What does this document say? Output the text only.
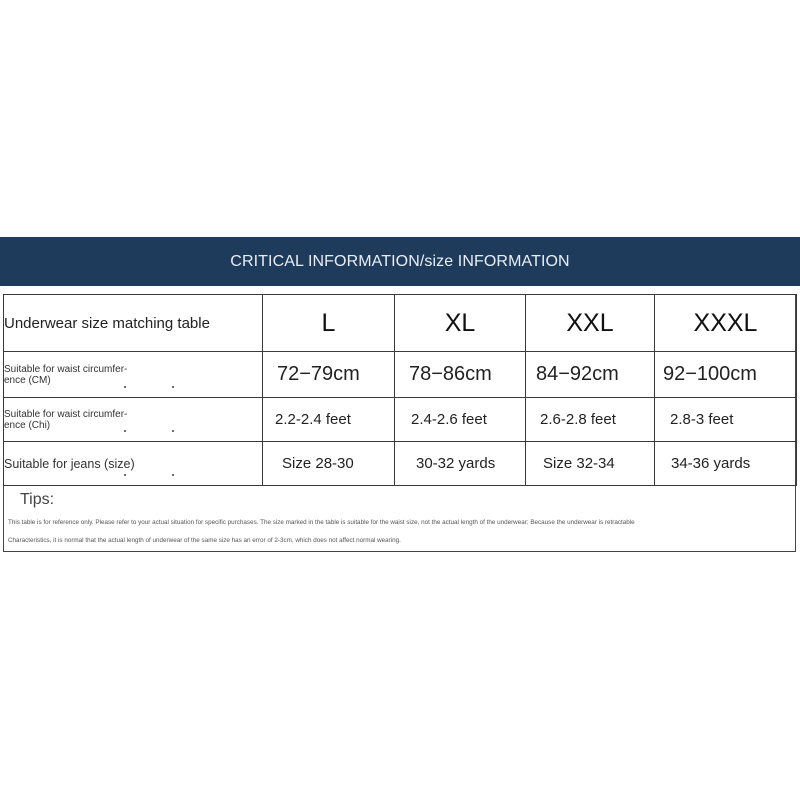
CRITICAL INFORMATION/size INFORMATION
Underwear size matching table	L	XL	XXL	XXXL

Suitable for waist circumfer-
ence (CM)	72−79cm	78−86cm	84−92cm	92−100cm

Suitable for waist circumfer-
ence (Chi)	2.2-2.4 feet	2.4-2.6 feet	2.6-2.8 feet	2.8-3 feet
Suitable for jeans (size)	Size 28-30	30-32 yards	Size 32-34	34-36 yards
Tips:
This table is for reference only. Please refer to your actual situation for specific purchases. The size marked in the table is suitable for the waist size, not the actual length of the underwear; Because the underwear is retractable
Characteristics, it is normal that the actual length of underwear of the same size has an error of 2-3cm, which does not affect normal wearing.
